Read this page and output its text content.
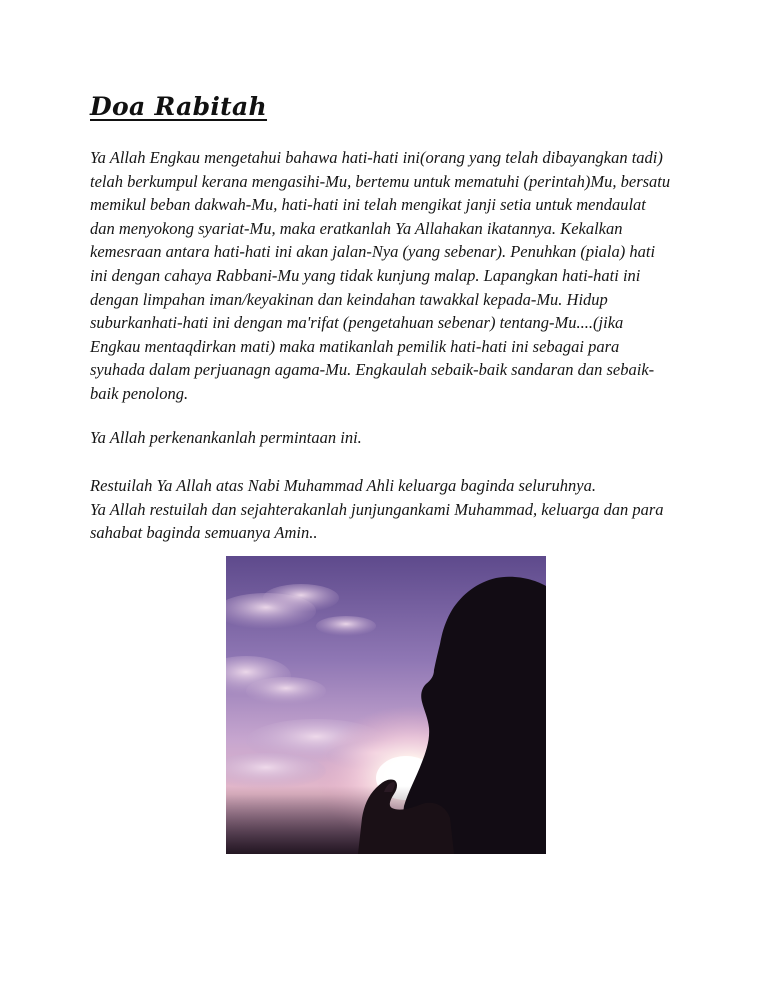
Doa Rabitah
Ya Allah Engkau mengetahui bahawa hati-hati ini(orang yang telah dibayangkan tadi)
telah berkumpul kerana mengasihi-Mu, bertemu untuk mematuhi (perintah)Mu, bersatu
memikul beban dakwah-Mu, hati-hati ini telah mengikat janji setia untuk mendaulat
dan menyokong syariat-Mu, maka eratkanlah Ya Allahakan ikatannya. Kekalkan
kemesraan antara hati-hati ini akan jalan-Nya (yang sebenar). Penuhkan (piala) hati
ini dengan cahaya Rabbani-Mu yang tidak kunjung malap. Lapangkan hati-hati ini
dengan limpahan iman/keyakinan dan keindahan tawakkal kepada-Mu. Hidup
suburkanhati-hati ini dengan ma'rifat (pengetahuan sebenar) tentang-Mu....(jika
Engkau mentaqdirkan mati) maka matikanlah pemilik hati-hati ini sebagai para
syuhada dalam perjuanagn agama-Mu. Engkaulah sebaik-baik sandaran dan sebaik-
baik penolong.
Ya Allah perkenankanlah permintaan ini.
Restuilah Ya Allah atas Nabi Muhammad Ahli keluarga baginda seluruhnya.
Ya Allah restuilah dan sejahterakanlah junjungankami Muhammad, keluarga dan para
sahabat baginda semuanya Amin..
